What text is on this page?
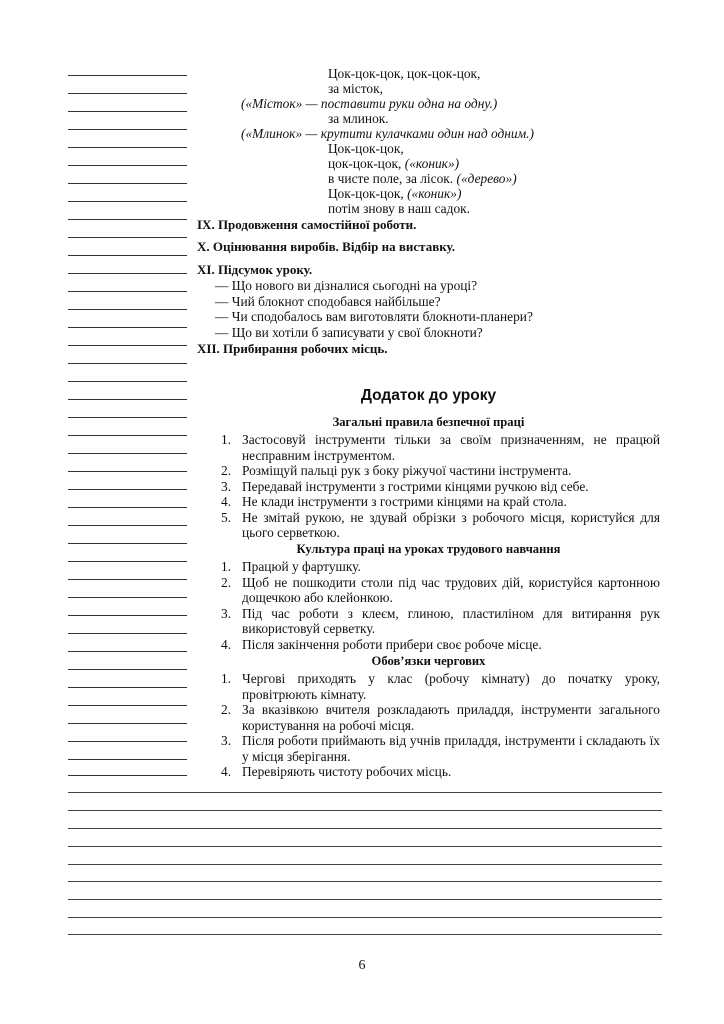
Цок-цок-цок, цок-цок-цок,
за місток,
(«Місток» — поставити руки одна на одну.)
за млинок.
(«Млинок» — крутити кулачками один над одним.)
Цок-цок-цок,
цок-цок-цок, («коник»)
в чисте поле, за лісок. («дерево»)
Цок-цок-цок, («коник»)
потім знову в наш садок.
IX. Продовження самостійної роботи.
X. Оцінювання виробів. Відбір на виставку.
XI. Підсумок уроку.
— Що нового ви дізналися сьогодні на уроці?
— Чий блокнот сподобався найбільше?
— Чи сподобалось вам виготовляти блокноти-планери?
— Що ви хотіли б записувати у свої блокноти?
XII. Прибирання робочих місць.
Додаток до уроку
Загальні правила безпечної праці
1. Застосовуй інструменти тільки за своїм призначенням, не працюй несправним інструментом.
2. Розміщуй пальці рук з боку ріжучої частини інструмента.
3. Передавай інструменти з гострими кінцями ручкою від себе.
4. Не клади інструменти з гострими кінцями на край стола.
5. Не змітай рукою, не здувай обрізки з робочого місця, користуйся для цього серветкою.
Культура праці на уроках трудового навчання
1. Працюй у фартушку.
2. Щоб не пошкодити столи під час трудових дій, користуйся картонною дощечкою або клейонкою.
3. Під час роботи з клеєм, глиною, пластиліном для витирання рук використовуй серветку.
4. Після закінчення роботи прибери своє робоче місце.
Обов’язки чергових
1. Чергові приходять у клас (робочу кімнату) до початку уроку, провітрюють кімнату.
2. За вказівкою вчителя розкладають приладдя, інструменти загального користування на робочі місця.
3. Після роботи приймають від учнів приладдя, інструменти і складають їх у місця зберігання.
4. Перевіряють чистоту робочих місць.
6
